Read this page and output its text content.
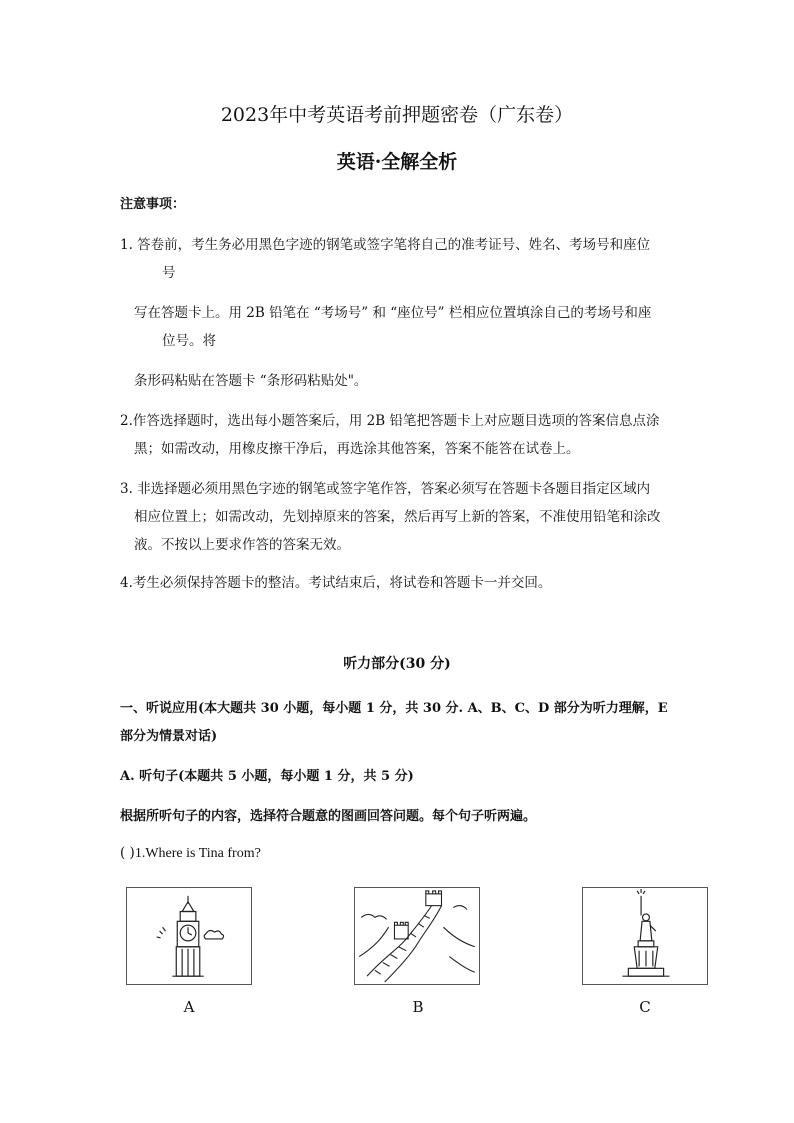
2023年中考英语考前押题密卷（广东卷）
英语·全解全析
注意事项：
1. 答卷前，考生务必用黑色字迹的钢笔或签字笔将自己的准考证号、姓名、考场号和座位
号
写在答题卡上。用 2B 铅笔在 “考场号” 和 “座位号” 栏相应位置填涂自己的考场号和座
位号。将
条形码粘贴在答题卡 “条形码粘贴处"。
2.作答选择题时，选出每小题答案后，用 2B 铅笔把答题卡上对应题目选项的答案信息点涂
黑；如需改动，用橡皮擦干净后，再选涂其他答案，答案不能答在试卷上。
3. 非选择题必须用黑色字迹的钢笔或签字笔作答，答案必须写在答题卡各题目指定区域内
相应位置上；如需改动，先划掉原来的答案，然后再写上新的答案，不准使用铅笔和涂改
液。不按以上要求作答的答案无效。
4.考生必须保持答题卡的整洁。考试结束后，将试卷和答题卡一并交回。
听力部分(30 分)
一、听说应用(本大题共 30 小题，每小题 1 分，共 30 分. A、B、C、D 部分为听力理解，E
部分为情景对话)
A. 听句子(本题共 5 小题，每小题 1 分，共 5 分)
根据所听句子的内容，选择符合题意的图画回答问题。每个句子听两遍。
( )1.Where is Tina from?
A	B	C
